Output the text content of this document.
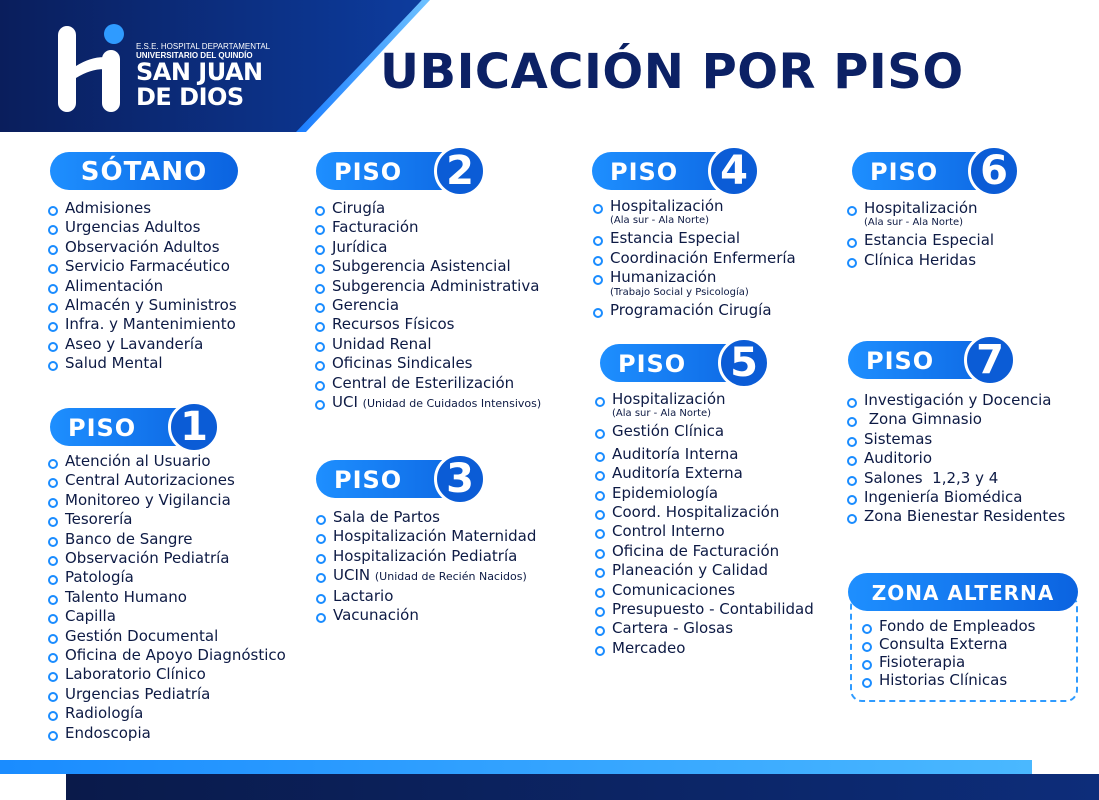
E.S.E. HOSPITAL DEPARTAMENTAL
UNIVERSITARIO DEL QUINDÍO
SAN JUAN
DE DIOS	UBICACIÓN POR PISO
SÓTANO
Admisiones
Urgencias Adultos
Observación Adultos
Servicio Farmacéutico
Alimentación
Almacén y Suministros
Infra. y Mantenimiento
Aseo y Lavandería
Salud Mental
PISO	1
Atención al Usuario
Central Autorizaciones
Monitoreo y Vigilancia
Tesorería
Banco de Sangre
Observación Pediatría
Patología
Talento Humano
Capilla
Gestión Documental
Oficina de Apoyo Diagnóstico
Laboratorio Clínico
Urgencias Pediatría
Radiología
Endoscopia
PISO	2
Cirugía
Facturación
Jurídica
Subgerencia Asistencial
Subgerencia Administrativa
Gerencia
Recursos Físicos
Unidad Renal
Oficinas Sindicales
Central de Esterilización
UCI (Unidad de Cuidados Intensivos)
PISO	3
Sala de Partos
Hospitalización Maternidad
Hospitalización Pediatría
UCIN (Unidad de Recién Nacidos)
Lactario
Vacunación
PISO	4
Hospitalización
(Ala sur - Ala Norte)
Estancia Especial
Coordinación Enfermería
Humanización
(Trabajo Social y Psicología)
Programación Cirugía
PISO	5
Hospitalización
(Ala sur - Ala Norte)
Gestión Clínica
Auditoría Interna
Auditoría Externa
Epidemiología
Coord. Hospitalización
Control Interno
Oficina de Facturación
Planeación y Calidad
Comunicaciones
Presupuesto - Contabilidad
Cartera - Glosas
Mercadeo
PISO	6
Hospitalización
(Ala sur - Ala Norte)
Estancia Especial
Clínica Heridas
PISO	7
Investigación y Docencia
Zona Gimnasio
Sistemas
Auditorio
Salones  1,2,3 y 4
Ingeniería Biomédica
Zona Bienestar Residentes
ZONA ALTERNA
Fondo de Empleados
Consulta Externa
Fisioterapia
Historias Clínicas
